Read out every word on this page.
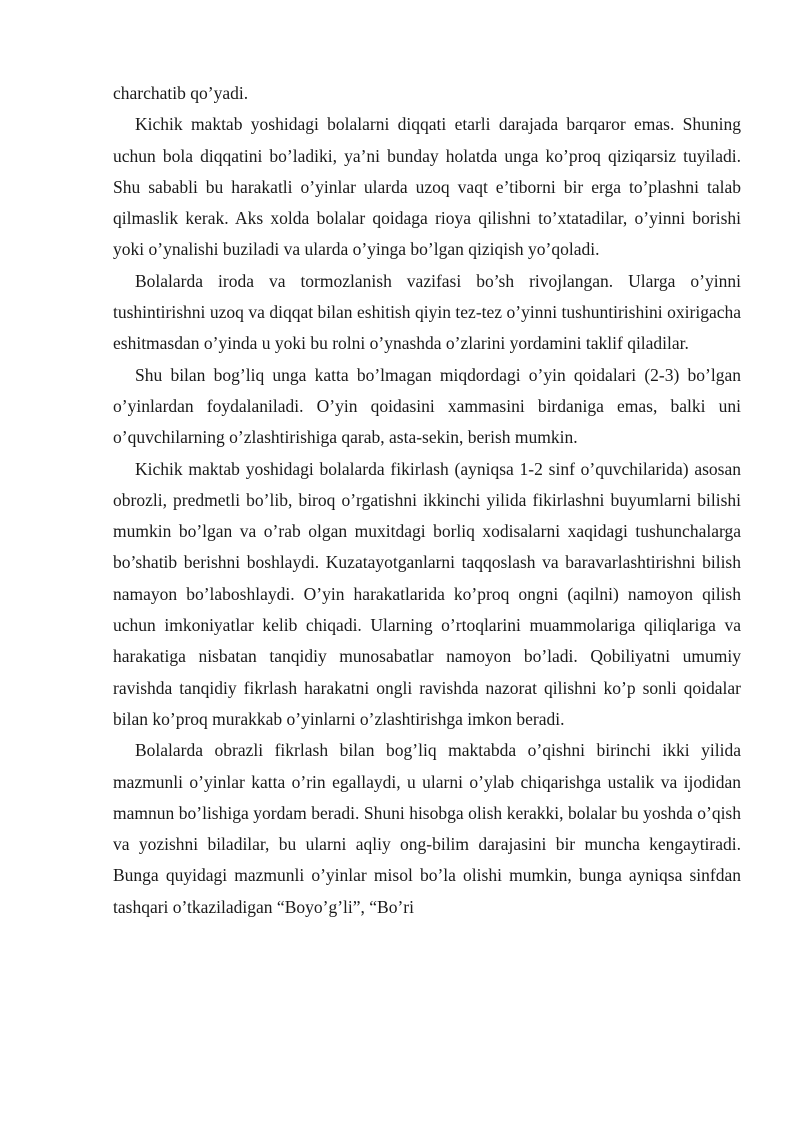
charchatib qo’yadi.

Kichik maktab yoshidagi bolalarni diqqati etarli darajada barqaror emas. Shuning uchun bola diqqatini bo’ladiki, ya’ni bunday holatda unga ko’proq qiziqarsiz tuyiladi. Shu sababli bu harakatli o’yinlar ularda uzoq vaqt e’tiborni bir erga to’plashni talab qilmaslik kerak. Aks xolda bolalar qoidaga rioya qilishni to’xtatadilar, o’yinni borishi yoki o’ynalishi buziladi va ularda o’yinga bo’lgan qiziqish yo’qoladi.

Bolalarda iroda va tormozlanish vazifasi bo’sh rivojlangan. Ularga o’yinni tushintirishni uzoq va diqqat bilan eshitish qiyin tez-tez o’yinni tushuntirishini oxirigacha eshitmasdan o’yinda u yoki bu rolni o’ynashda o’zlarini yordamini taklif qiladilar.

Shu bilan bog’liq unga katta bo’lmagan miqdordagi o’yin qoidalari (2-3) bo’lgan o’yinlardan foydalaniladi. O’yin qoidasini xammasini birdaniga emas, balki uni o’quvchilarning o’zlashtirishiga qarab, asta-sekin, berish mumkin.

Kichik maktab yoshidagi bolalarda fikirlash (ayniqsa 1-2 sinf o’quvchilarida) asosan obrozli, predmetli bo’lib, biroq o’rgatishni ikkinchi yilida fikirlashni buyumlarni bilishi mumkin bo’lgan va o’rab olgan muxitdagi borliq xodisalarni xaqidagi tushunchalarga bo’shatib berishni boshlaydi. Kuzatayotganlarni taqqoslash va baravarlashtirishni bilish namayon bo’laboshlaydi. O’yin harakatlarida ko’proq ongni (aqilni) namoyon qilish uchun imkoniyatlar kelib chiqadi. Ularning o’rtoqlarini muammolariga qiliqlariga va harakatiga nisbatan tanqidiy munosabatlar namoyon bo’ladi. Qobiliyatni umumiy ravishda tanqidiy fikrlash harakatni ongli ravishda nazorat qilishni ko’p sonli qoidalar bilan ko’proq murakkab o’yinlarni o’zlashtirishga imkon beradi.

Bolalarda obrazli fikrlash bilan bog’liq maktabda o’qishni birinchi ikki yilida mazmunli o’yinlar katta o’rin egallaydi, u ularni o’ylab chiqarishga ustalik va ijodidan mamnun bo’lishiga yordam beradi. Shuni hisobga olish kerakki, bolalar bu yoshda o’qish va yozishni biladilar, bu ularni aqliy ong-bilim darajasini bir muncha kengaytiradi. Bunga quyidagi mazmunli o’yinlar misol bo’la olishi mumkin, bunga ayniqsa sinfdan tashqari o’tkaziladigan “Boyo’g’li”, “Bo’ri
